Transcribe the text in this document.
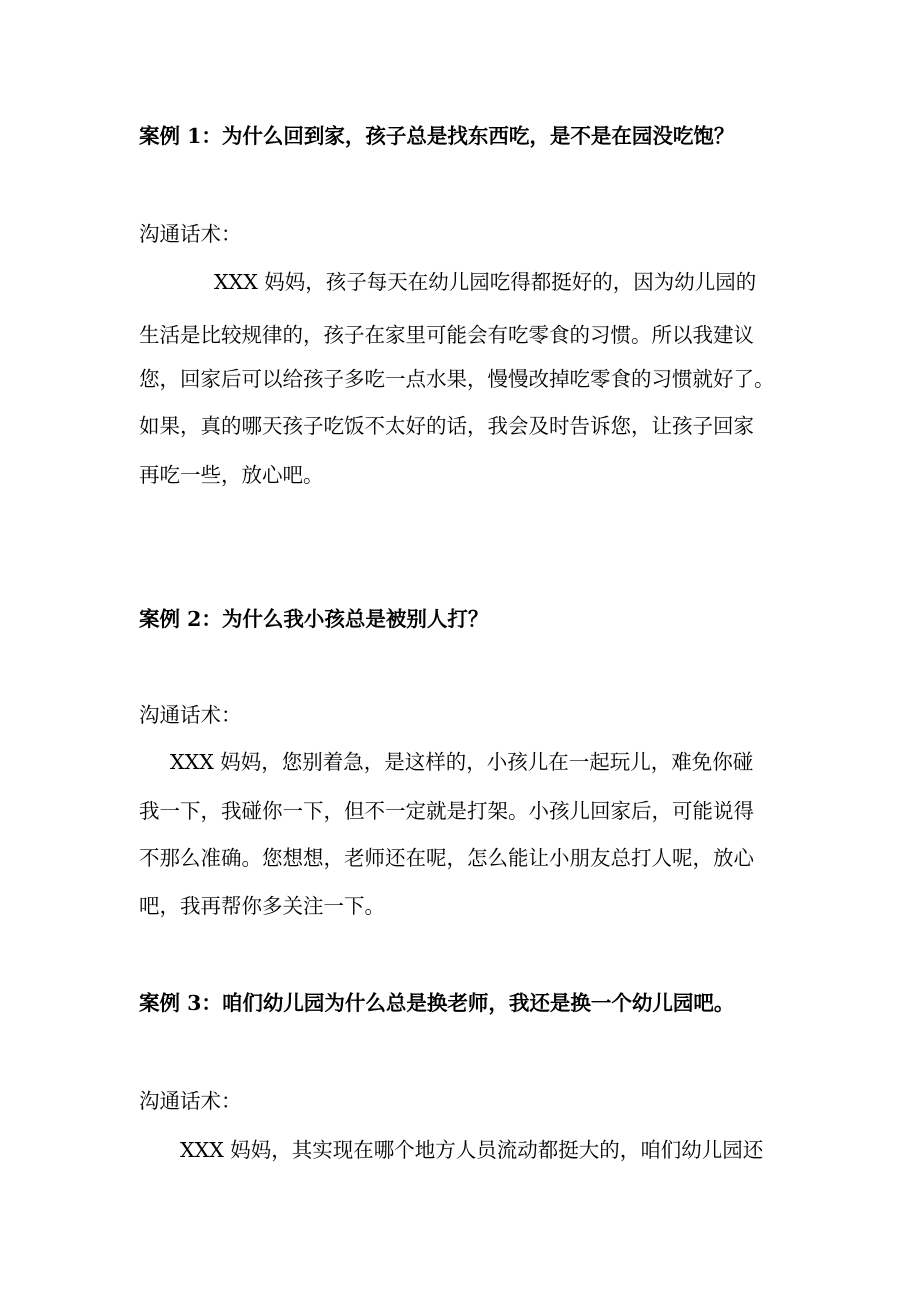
案例 1：为什么回到家，孩子总是找东西吃，是不是在园没吃饱？
沟通话术：
XXX 妈妈，孩子每天在幼儿园吃得都挺好的，因为幼儿园的
生活是比较规律的，孩子在家里可能会有吃零食的习惯。所以我建议
您，回家后可以给孩子多吃一点水果，慢慢改掉吃零食的习惯就好了。
如果，真的哪天孩子吃饭不太好的话，我会及时告诉您，让孩子回家
再吃一些，放心吧。
案例 2：为什么我小孩总是被别人打？
沟通话术：
XXX 妈妈，您别着急，是这样的，小孩儿在一起玩儿，难免你碰
我一下，我碰你一下，但不一定就是打架。小孩儿回家后，可能说得
不那么准确。您想想，老师还在呢，怎么能让小朋友总打人呢，放心
吧，我再帮你多关注一下。
案例 3：咱们幼儿园为什么总是换老师，我还是换一个幼儿园吧。
沟通话术：
XXX 妈妈，其实现在哪个地方人员流动都挺大的，咱们幼儿园还
